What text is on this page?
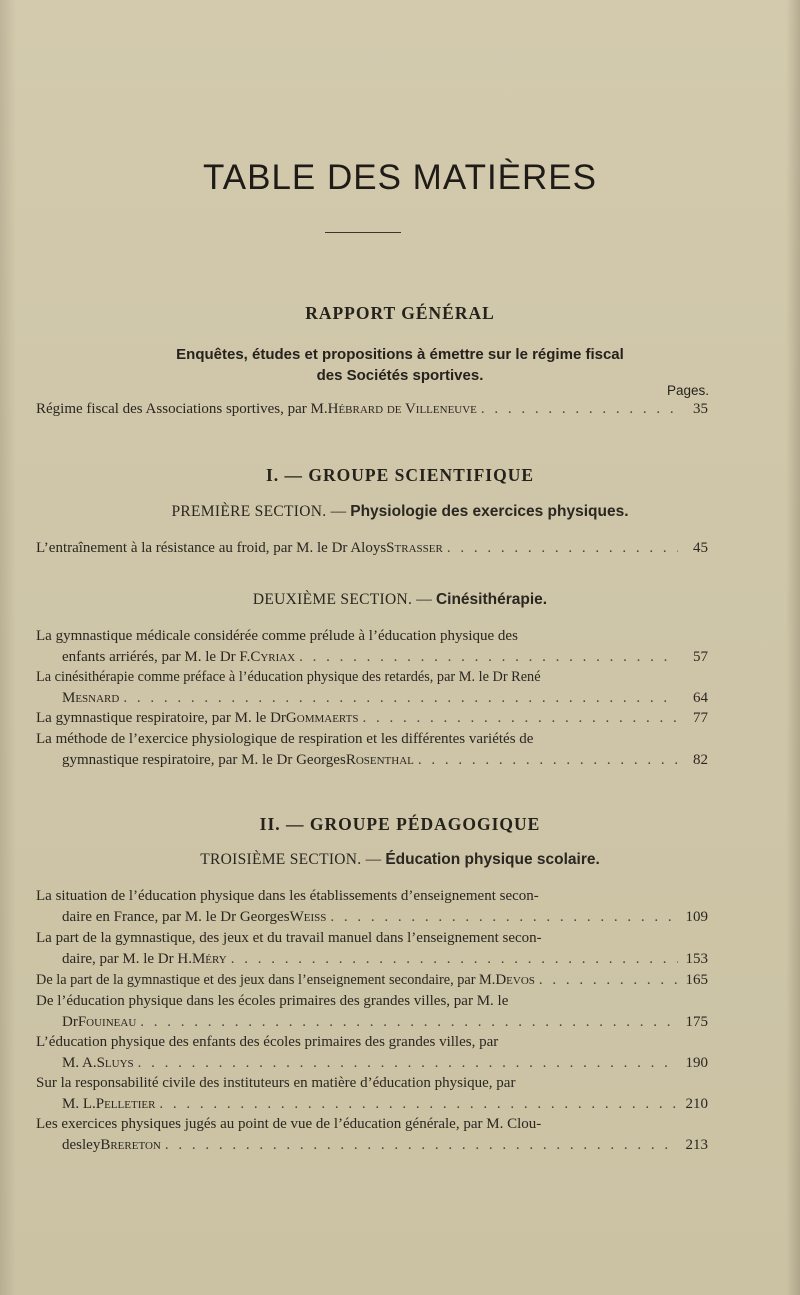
TABLE DES MATIÈRES
RAPPORT GÉNÉRAL
Enquêtes, études et propositions à émettre sur le régime fiscal
des Sociétés sportives.
Pages.
Régime fiscal des Associations sportives, par M. Hébrard de Villeneuve . . .	35
I. — GROUPE SCIENTIFIQUE
PREMIÈRE SECTION. — Physiologie des exercices physiques.
L’entraînement à la résistance au froid, par M. le Dr Aloys Strasser . . .	45
DEUXIÈME SECTION. — Cinésithérapie.
La gymnastique médicale considérée comme prélude à l’éducation physique des
enfants arriérés, par M. le Dr F. Cyriax . . .	57
La cinésithérapie comme préface à l’éducation physique des retardés, par M. le Dr René
Mesnard . . .	64
La gymnastique respiratoire, par M. le Dr Gommaerts . . .	77
La méthode de l’exercice physiologique de respiration et les différentes variétés de
gymnastique respiratoire, par M. le Dr Georges Rosenthal . . .	82
II. — GROUPE PÉDAGOGIQUE
TROISIÈME SECTION. — Éducation physique scolaire.
La situation de l’éducation physique dans les établissements d’enseignement secon-
daire en France, par M. le Dr Georges Weiss . . .	109
La part de la gymnastique, des jeux et du travail manuel dans l’enseignement secon-
daire, par M. le Dr H. Méry . . .	153
De la part de la gymnastique et des jeux dans l’enseignement secondaire, par M. Devos . . .	165
De l’éducation physique dans les écoles primaires des grandes villes, par M. le
Dr Fouineau . . .	175
L’éducation physique des enfants des écoles primaires des grandes villes, par
M. A. Sluys . . .	190
Sur la responsabilité civile des instituteurs en matière d’éducation physique, par
M. L. Pelletier . . .	210
Les exercices physiques jugés au point de vue de l’éducation générale, par M. Clou-
desley Brereton . . .	213
